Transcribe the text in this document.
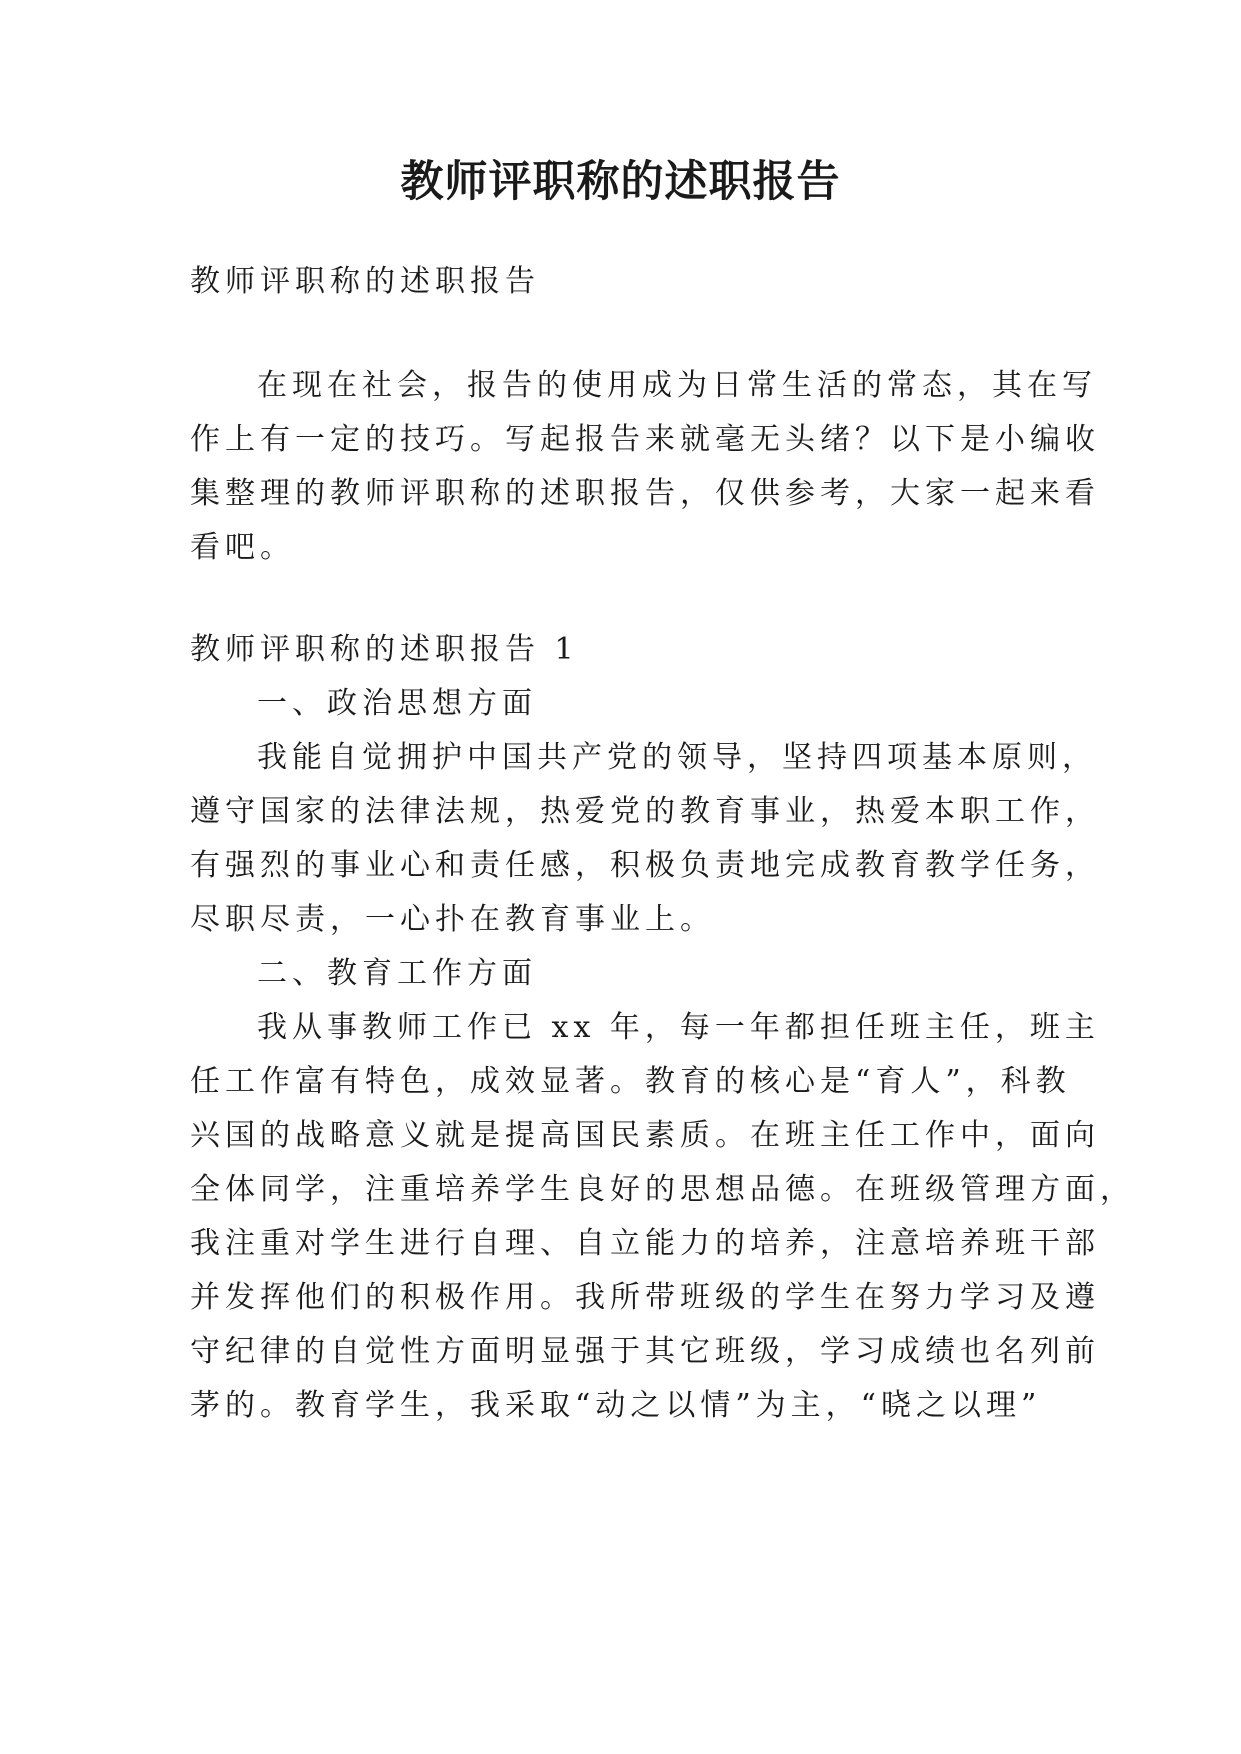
教师评职称的述职报告

教师评职称的述职报告

在现在社会，报告的使用成为日常生活的常态，其在写

作上有一定的技巧。写起报告来就毫无头绪？以下是小编收

集整理的教师评职称的述职报告，仅供参考，大家一起来看

看吧。

教师评职称的述职报告 1

一、政治思想方面

我能自觉拥护中国共产党的领导，坚持四项基本原则，

遵守国家的法律法规，热爱党的教育事业，热爱本职工作，

有强烈的事业心和责任感，积极负责地完成教育教学任务，

尽职尽责，一心扑在教育事业上。

二、教育工作方面

我从事教师工作已 xx 年，每一年都担任班主任，班主

任工作富有特色，成效显著。教育的核心是“育人”，科教

兴国的战略意义就是提高国民素质。在班主任工作中，面向

全体同学，注重培养学生良好的思想品德。在班级管理方面，

我注重对学生进行自理、自立能力的培养，注意培养班干部

并发挥他们的积极作用。我所带班级的学生在努力学习及遵

守纪律的自觉性方面明显强于其它班级，学习成绩也名列前

茅的。教育学生，我采取“动之以情”为主，“晓之以理”
